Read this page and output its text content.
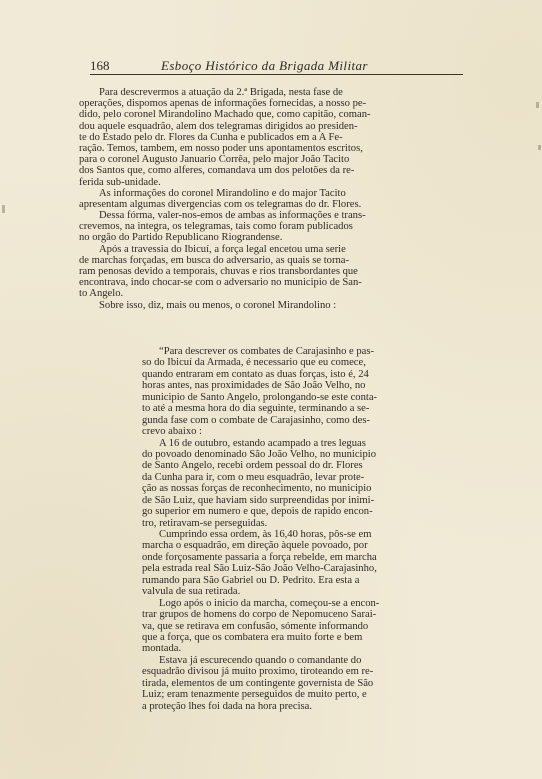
168	Esboço Histórico da Brigada Militar
Para descrevermos a atuação da 2.ª Brigada, nesta fase de
operações, dispomos apenas de informações fornecidas, a nosso pe-
dido, pelo coronel Mirandolino Machado que, como capitão, coman-
dou aquele esquadrão, alem dos telegramas dirigidos ao presiden-
te do Estado pelo dr. Flores da Cunha e publicados em a A Fe-
ração. Temos, tambem, em nosso poder uns apontamentos escritos,
para o coronel Augusto Januario Corrêa, pelo major João Tacito
dos Santos que, como alferes, comandava um dos pelotões da re-
ferida sub-unidade.
As informações do coronel Mirandolino e do major Tacito
apresentam algumas divergencias com os telegramas do dr. Flores.
Dessa fórma, valer-nos-emos de ambas as informações e trans-
crevemos, na integra, os telegramas, tais como foram publicados
no orgão do Partido Republicano Riograndense.
Após a travessia do Ibicuí, a força legal encetou uma serie
de marchas forçadas, em busca do adversario, as quais se torna-
ram penosas devido a temporais, chuvas e rios transbordantes que
encontrava, indo chocar-se com o adversario no municipio de San-
to Angelo.
Sobre isso, diz, mais ou menos, o coronel Mirandolino :
“Para descrever os combates de Carajasinho e pas-
so do Ibicuí da Armada, é necessario que eu comece,
quando entraram em contato as duas forças, isto é, 24
horas antes, nas proximidades de São João Velho, no
municipio de Santo Angelo, prolongando-se este conta-
to até a mesma hora do dia seguinte, terminando a se-
gunda fase com o combate de Carajasinho, como des-
crevo abaixo :
A 16 de outubro, estando acampado a tres leguas
do povoado denominado São João Velho, no municipio
de Santo Angelo, recebi ordem pessoal do dr. Flores
da Cunha para ir, com o meu esquadrão, levar prote-
ção as nossas forças de reconhecimento, no municipio
de São Luiz, que haviam sido surpreendidas por inimi-
go superior em numero e que, depois de rapido encon-
tro, retiravam-se perseguidas.
Cumprindo essa ordem, às 16,40 horas, pôs-se em
marcha o esquadrão, em direção àquele povoado, por
onde forçosamente passaria a força rebelde, em marcha
pela estrada real São Luiz-São João Velho-Carajasinho,
rumando para São Gabriel ou D. Pedrito. Era esta a
valvula de sua retirada.
Logo após o inicio da marcha, começou-se a encon-
trar grupos de homens do corpo de Nepomuceno Sarai-
va, que se retirava em confusão, sómente informando
que a força, que os combatera era muito forte e bem
montada.
Estava já escurecendo quando o comandante do
esquadrão divisou já muito proximo, tiroteando em re-
tirada, elementos de um contingente governista de São
Luiz; eram tenazmente perseguidos de muito perto, e
a proteção lhes foi dada na hora precisa.
